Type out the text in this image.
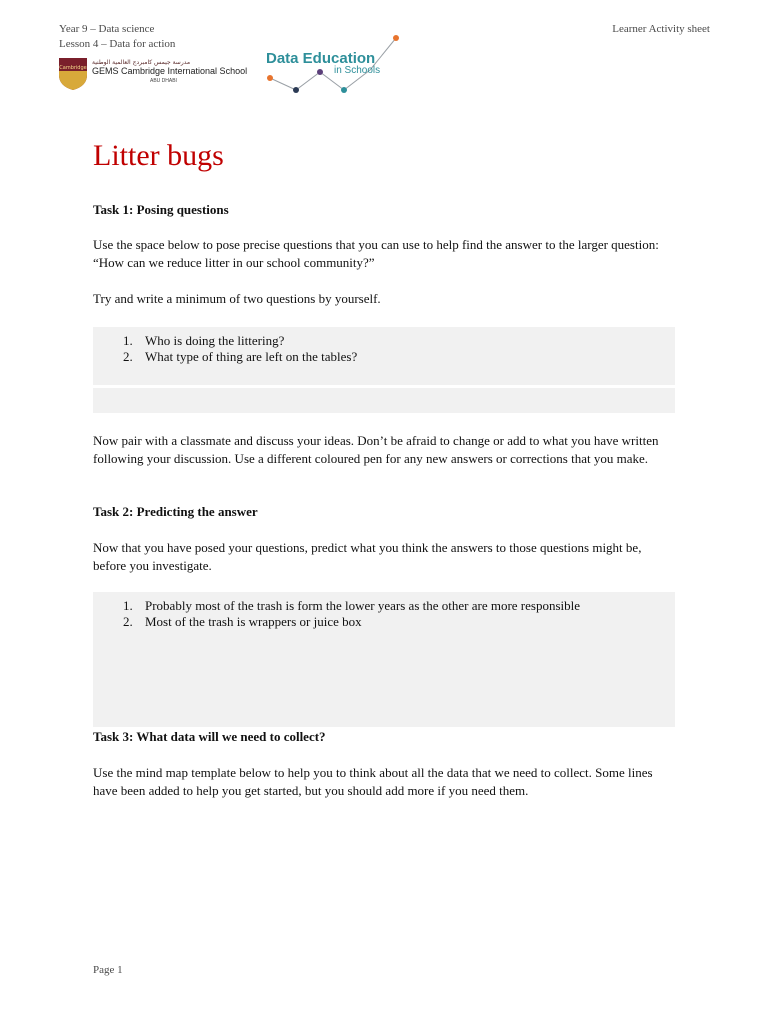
Year 9 – Data science
Lesson 4 – Data for action
Learner Activity sheet
Cambridge
مدرسة جيمس كامبردج العالمية الوطنية
GEMS Cambridge International School
ABU DHABI
Data Education
in Schools
Litter bugs
Task 1: Posing questions
Use the space below to pose precise questions that you can use to help find the answer to the larger question: “How can we reduce litter in our school community?”
Try and write a minimum of two questions by yourself.
1. Who is doing the littering?
2. What type of thing are left on the tables?
Now pair with a classmate and discuss your ideas. Don’t be afraid to change or add to what you have written following your discussion. Use a different coloured pen for any new answers or corrections that you make.
Task 2: Predicting the answer
Now that you have posed your questions, predict what you think the answers to those questions might be, before you investigate.
1. Probably most of the trash is form the lower years as the other are more responsible
2. Most of the trash is wrappers or juice box
Task 3: What data will we need to collect?
Use the mind map template below to help you to think about all the data that we need to collect. Some lines have been added to help you get started, but you should add more if you need them.
Page 1
